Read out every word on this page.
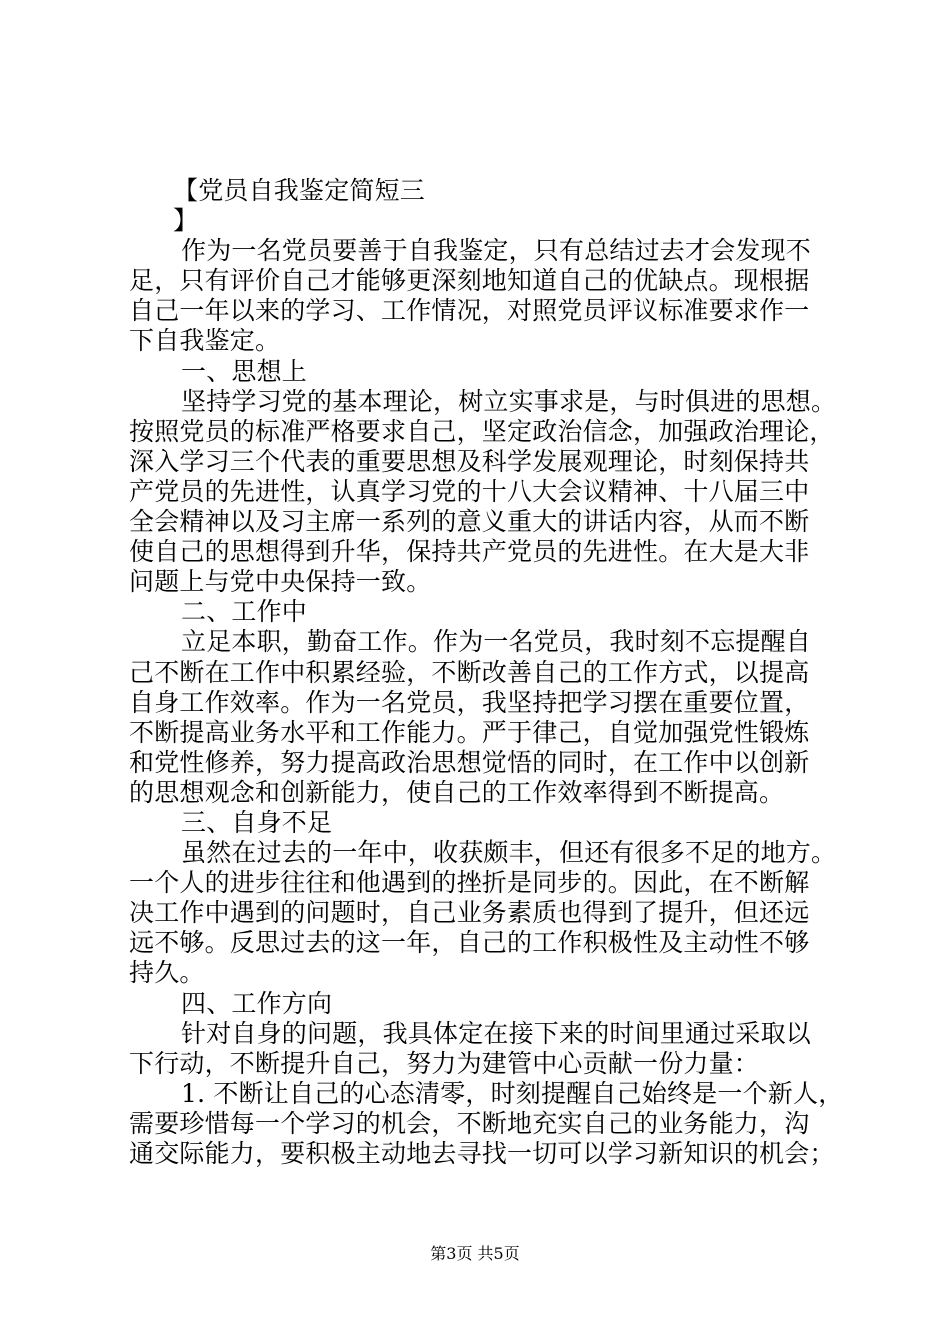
【党员自我鉴定简短三
】
作为一名党员要善于自我鉴定，只有总结过去才会发现不
足，只有评价自己才能够更深刻地知道自己的优缺点。现根据
自己一年以来的学习、工作情况，对照党员评议标准要求作一
下自我鉴定。
一、思想上
坚持学习党的基本理论，树立实事求是，与时俱进的思想。
按照党员的标准严格要求自己，坚定政治信念，加强政治理论，
深入学习三个代表的重要思想及科学发展观理论，时刻保持共
产党员的先进性，认真学习党的十八大会议精神、十八届三中
全会精神以及习主席一系列的意义重大的讲话内容，从而不断
使自己的思想得到升华，保持共产党员的先进性。在大是大非
问题上与党中央保持一致。
二、工作中
立足本职，勤奋工作。作为一名党员，我时刻不忘提醒自
己不断在工作中积累经验，不断改善自己的工作方式，以提高
自身工作效率。作为一名党员，我坚持把学习摆在重要位置，
不断提高业务水平和工作能力。严于律己，自觉加强党性锻炼
和党性修养，努力提高政治思想觉悟的同时，在工作中以创新
的思想观念和创新能力，使自己的工作效率得到不断提高。
三、自身不足
虽然在过去的一年中，收获颇丰，但还有很多不足的地方。
一个人的进步往往和他遇到的挫折是同步的。因此，在不断解
决工作中遇到的问题时，自己业务素质也得到了提升，但还远
远不够。反思过去的这一年，自己的工作积极性及主动性不够
持久。
四、工作方向
针对自身的问题，我具体定在接下来的时间里通过采取以
下行动，不断提升自己，努力为建管中心贡献一份力量：
1. 不断让自己的心态清零，时刻提醒自己始终是一个新人，
需要珍惜每一个学习的机会，不断地充实自己的业务能力，沟
通交际能力，要积极主动地去寻找一切可以学习新知识的机会；
第3页 共5页
